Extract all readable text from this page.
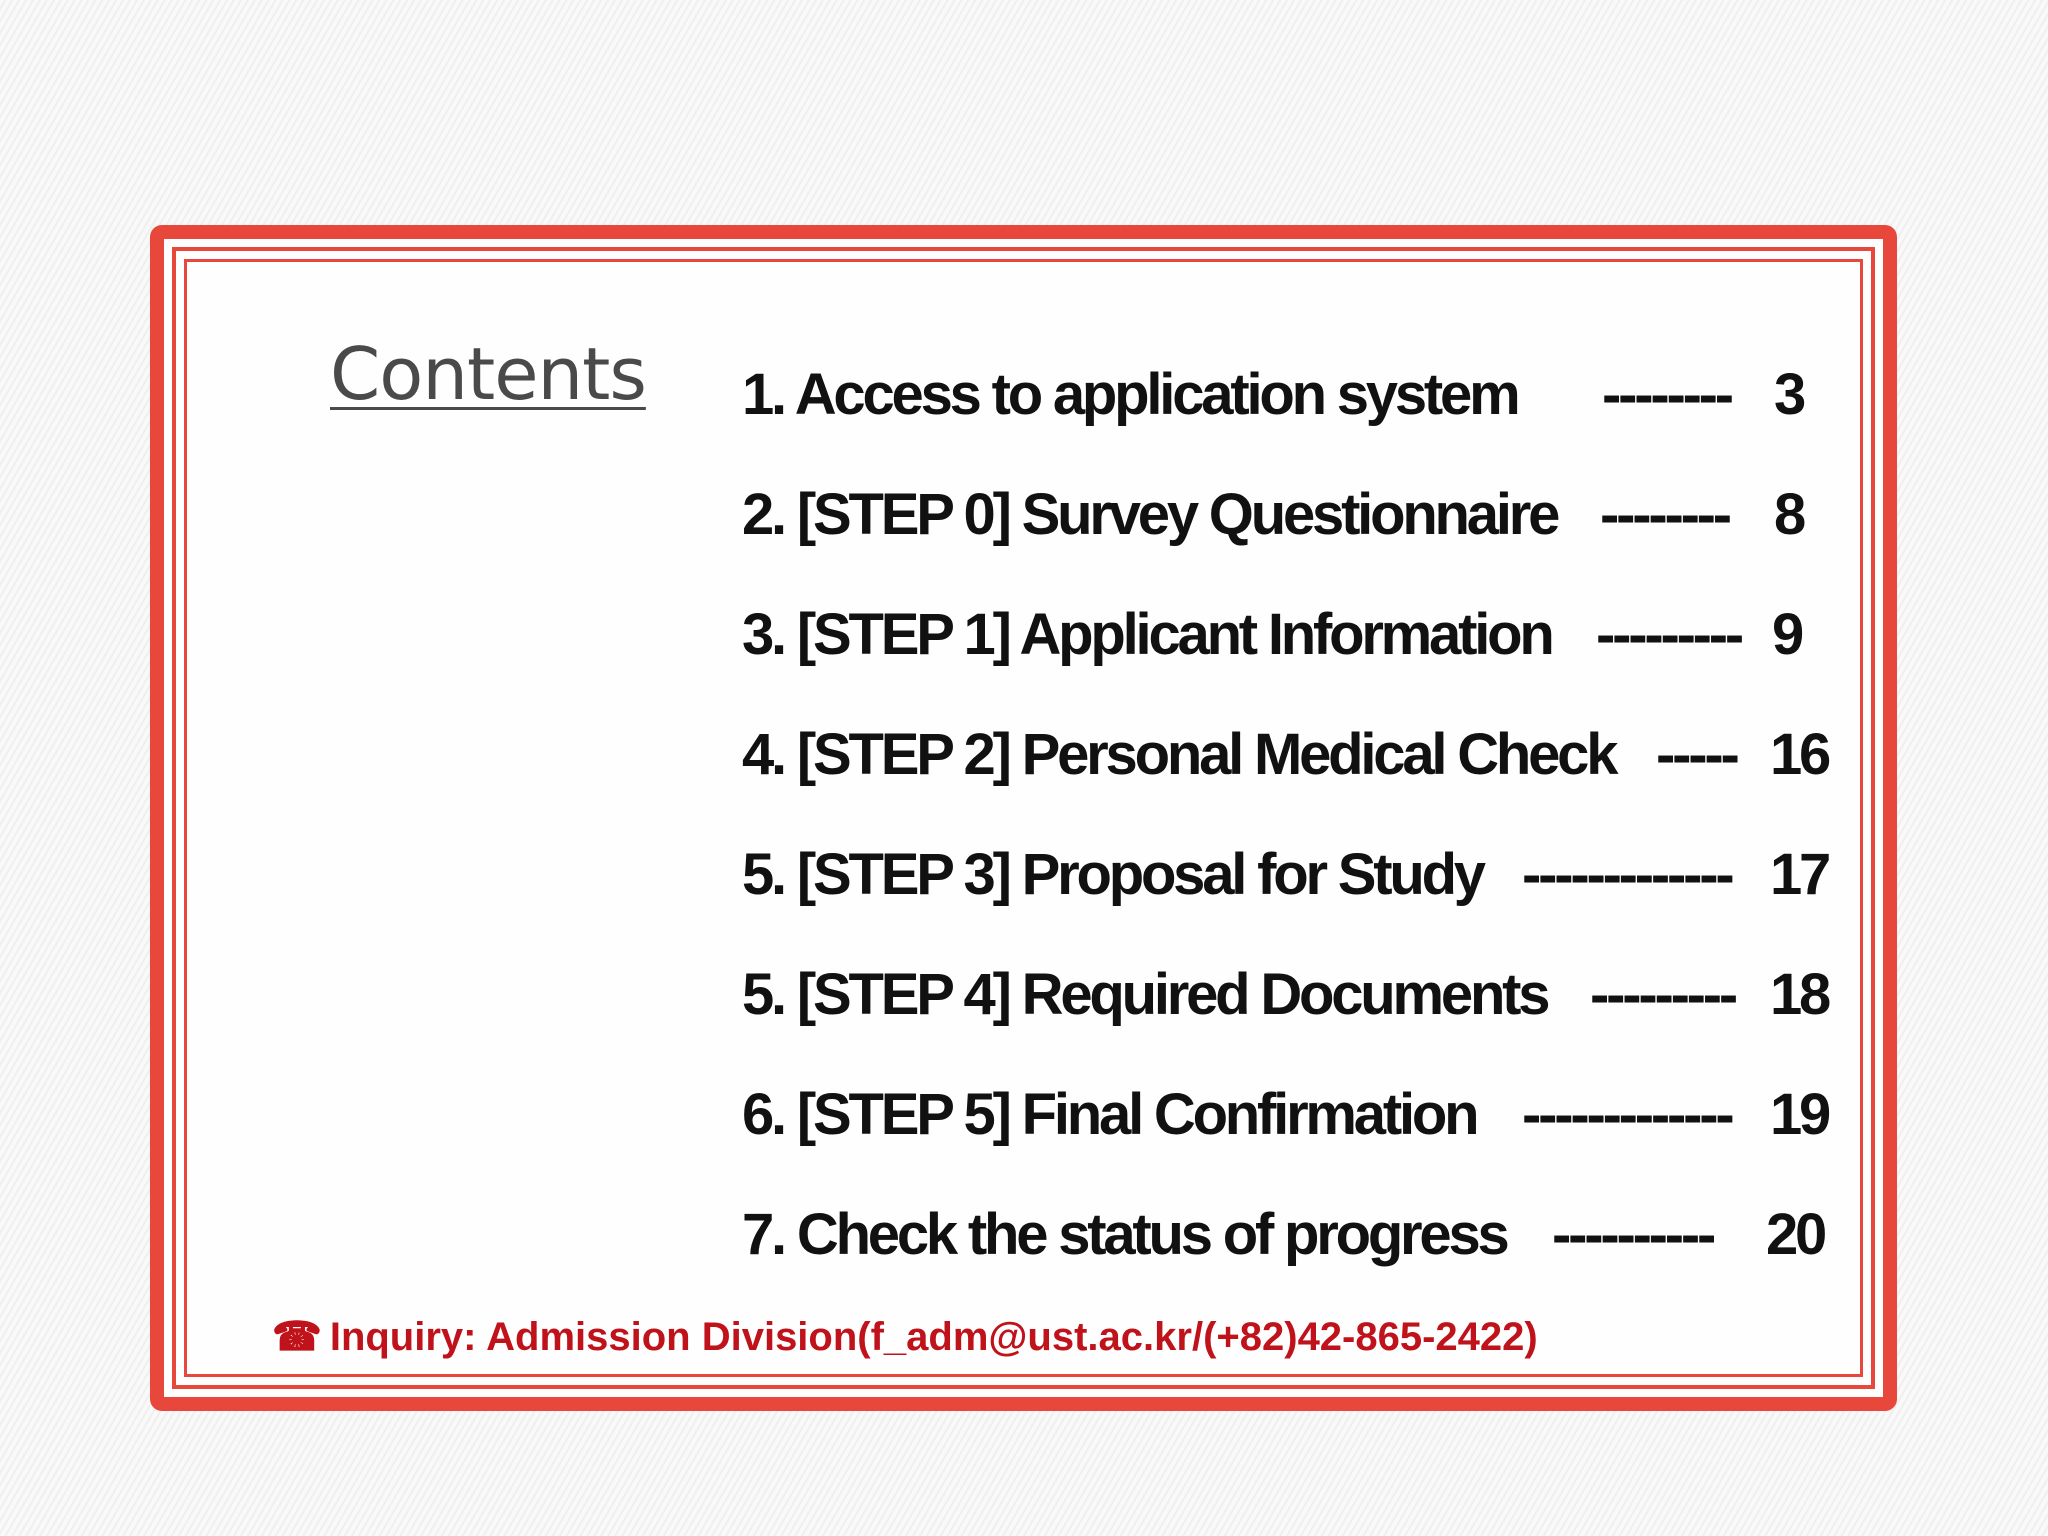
Contents 1. Access to application system -------- 3
2. [STEP 0] Survey Questionnaire -------- 8
3. [STEP 1] Applicant Information --------- 9
4. [STEP 2] Personal Medical Check ----- 16
5. [STEP 3] Proposal for Study ------------- 17
5. [STEP 4] Required Documents --------- 18
6. [STEP 5] Final Confirmation ------------- 19
7. Check the status of progress ---------- 20
☎ Inquiry: Admission Division(f_adm@ust.ac.kr/(+82)42-865-2422)
